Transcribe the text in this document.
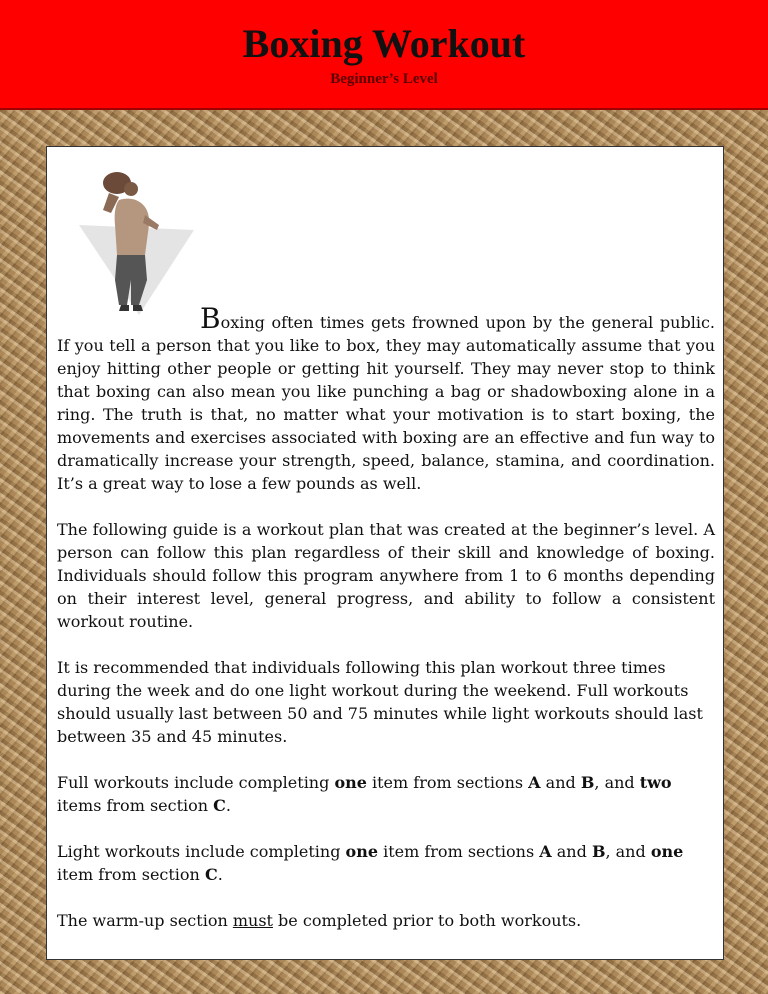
Boxing Workout
Beginner’s Level

Boxing often times gets frowned upon by the general public. If you tell a person that you like to box, they may automatically assume that you enjoy hitting other people or getting hit yourself. They may never stop to think that boxing can also mean you like punching a bag or shadowboxing alone in a ring. The truth is that, no matter what your motivation is to start boxing, the movements and exercises associated with boxing are an effective and fun way to dramatically increase your strength, speed, balance, stamina, and coordination. It’s a great way to lose a few pounds as well.

The following guide is a workout plan that was created at the beginner’s level. A person can follow this plan regardless of their skill and knowledge of boxing. Individuals should follow this program anywhere from 1 to 6 months depending on their interest level, general progress, and ability to follow a consistent workout routine.

It is recommended that individuals following this plan workout three times during the week and do one light workout during the weekend. Full workouts should usually last between 50 and 75 minutes while light workouts should last between 35 and 45 minutes.

Full workouts include completing one item from sections A and B, and two items from section C.

Light workouts include completing one item from sections A and B, and one item from section C.

The warm-up section must be completed prior to both workouts.
